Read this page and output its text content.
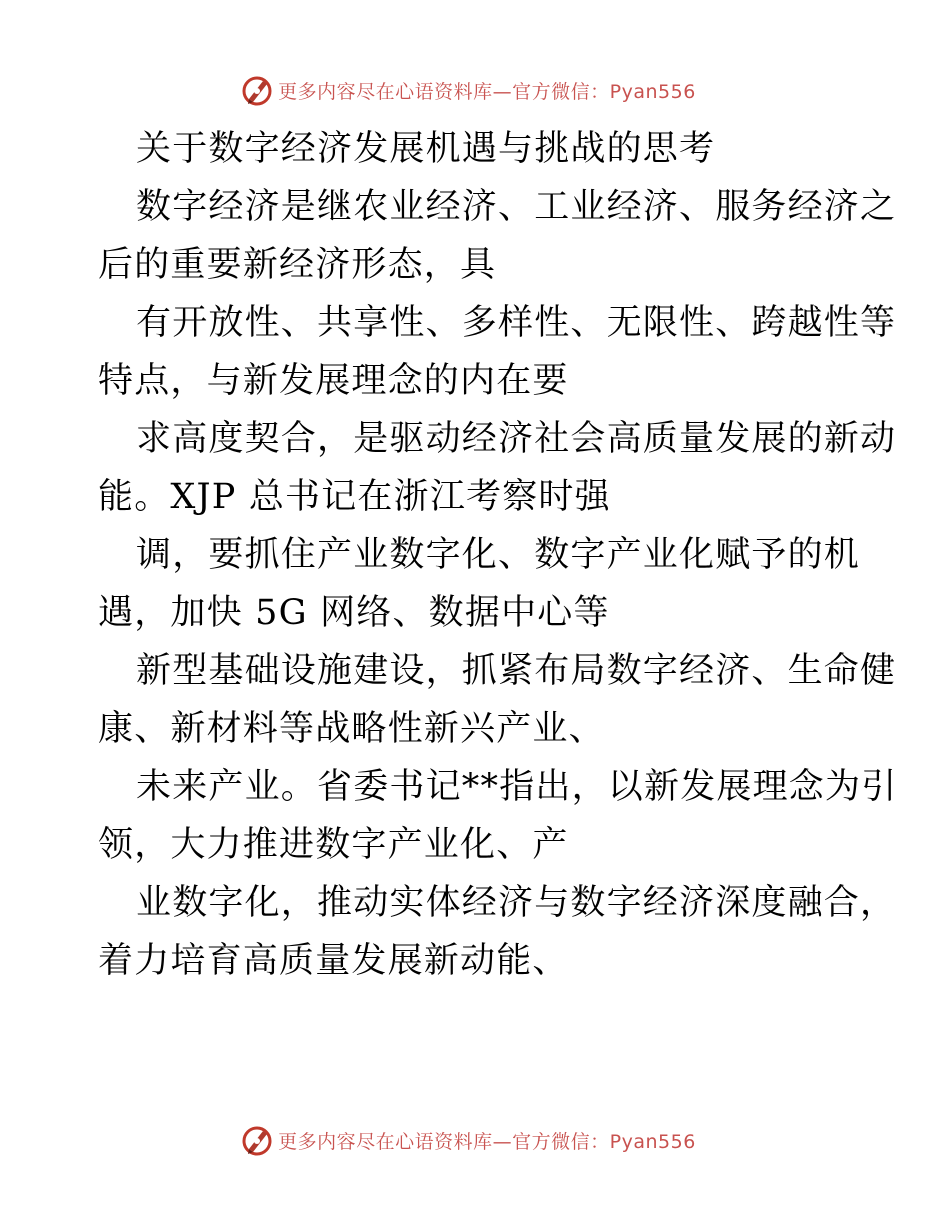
更多内容尽在心语资料库—官方微信：Pyan556
关于数字经济发展机遇与挑战的思考
数字经济是继农业经济、工业经济、服务经济之
后的重要新经济形态，具
有开放性、共享性、多样性、无限性、跨越性等
特点，与新发展理念的内在要
求高度契合，是驱动经济社会高质量发展的新动
能。XJP 总书记在浙江考察时强
调，要抓住产业数字化、数字产业化赋予的机
遇，加快 5G 网络、数据中心等
新型基础设施建设，抓紧布局数字经济、生命健
康、新材料等战略性新兴产业、
未来产业。省委书记**指出，以新发展理念为引
领，大力推进数字产业化、产
业数字化，推动实体经济与数字经济深度融合，
着力培育高质量发展新动能、
更多内容尽在心语资料库—官方微信：Pyan556
